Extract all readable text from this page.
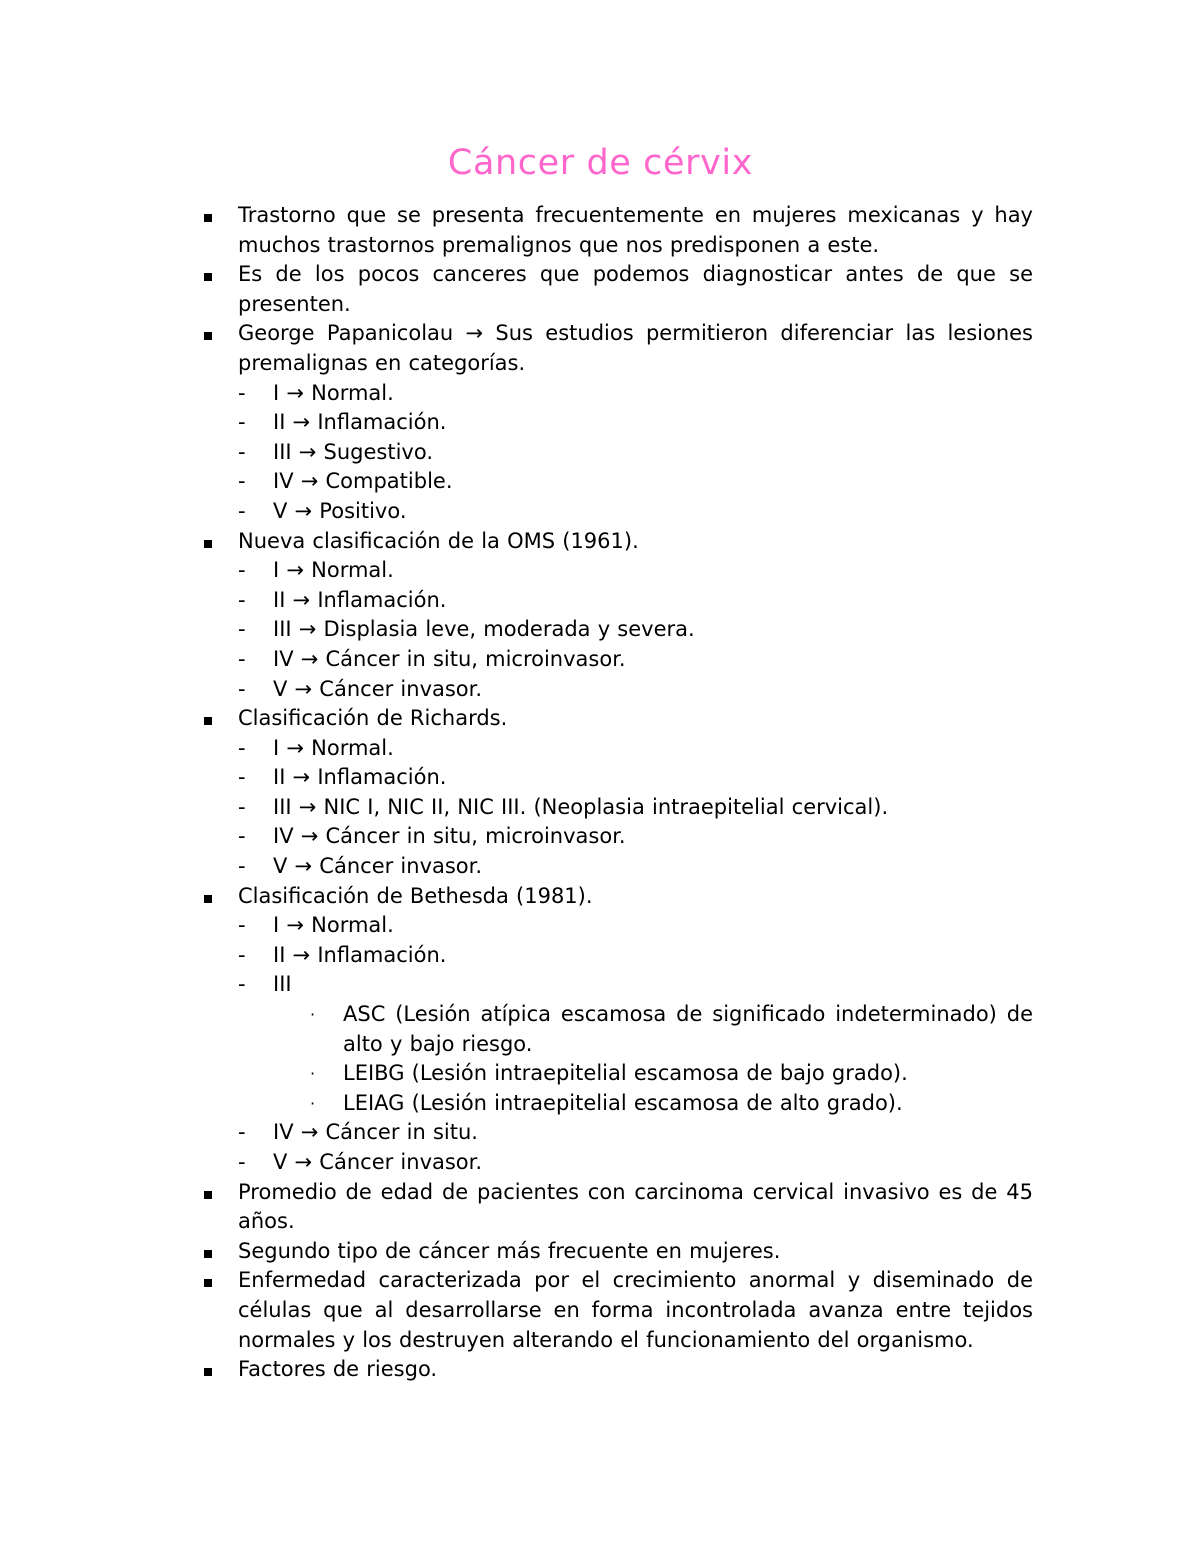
Cáncer de cérvix
Trastorno que se presenta frecuentemente en mujeres mexicanas y hay muchos trastornos premalignos que nos predisponen a este.
Es de los pocos canceres que podemos diagnosticar antes de que se presenten.
George Papanicolau → Sus estudios permitieron diferenciar las lesiones premalignas en categorías.
- I → Normal.
- II → Inflamación.
- III → Sugestivo.
- IV → Compatible.
- V → Positivo.
Nueva clasificación de la OMS (1961).
- I → Normal.
- II → Inflamación.
- III → Displasia leve, moderada y severa.
- IV → Cáncer in situ, microinvasor.
- V → Cáncer invasor.
Clasificación de Richards.
- I → Normal.
- II → Inflamación.
- III → NIC I, NIC II, NIC III. (Neoplasia intraepitelial cervical).
- IV → Cáncer in situ, microinvasor.
- V → Cáncer invasor.
Clasificación de Bethesda (1981).
- I → Normal.
- II → Inflamación.
- III
· ASC (Lesión atípica escamosa de significado indeterminado) de alto y bajo riesgo.
· LEIBG (Lesión intraepitelial escamosa de bajo grado).
· LEIAG (Lesión intraepitelial escamosa de alto grado).
- IV → Cáncer in situ.
- V → Cáncer invasor.
Promedio de edad de pacientes con carcinoma cervical invasivo es de 45 años.
Segundo tipo de cáncer más frecuente en mujeres.
Enfermedad caracterizada por el crecimiento anormal y diseminado de células que al desarrollarse en forma incontrolada avanza entre tejidos normales y los destruyen alterando el funcionamiento del organismo.
Factores de riesgo.
